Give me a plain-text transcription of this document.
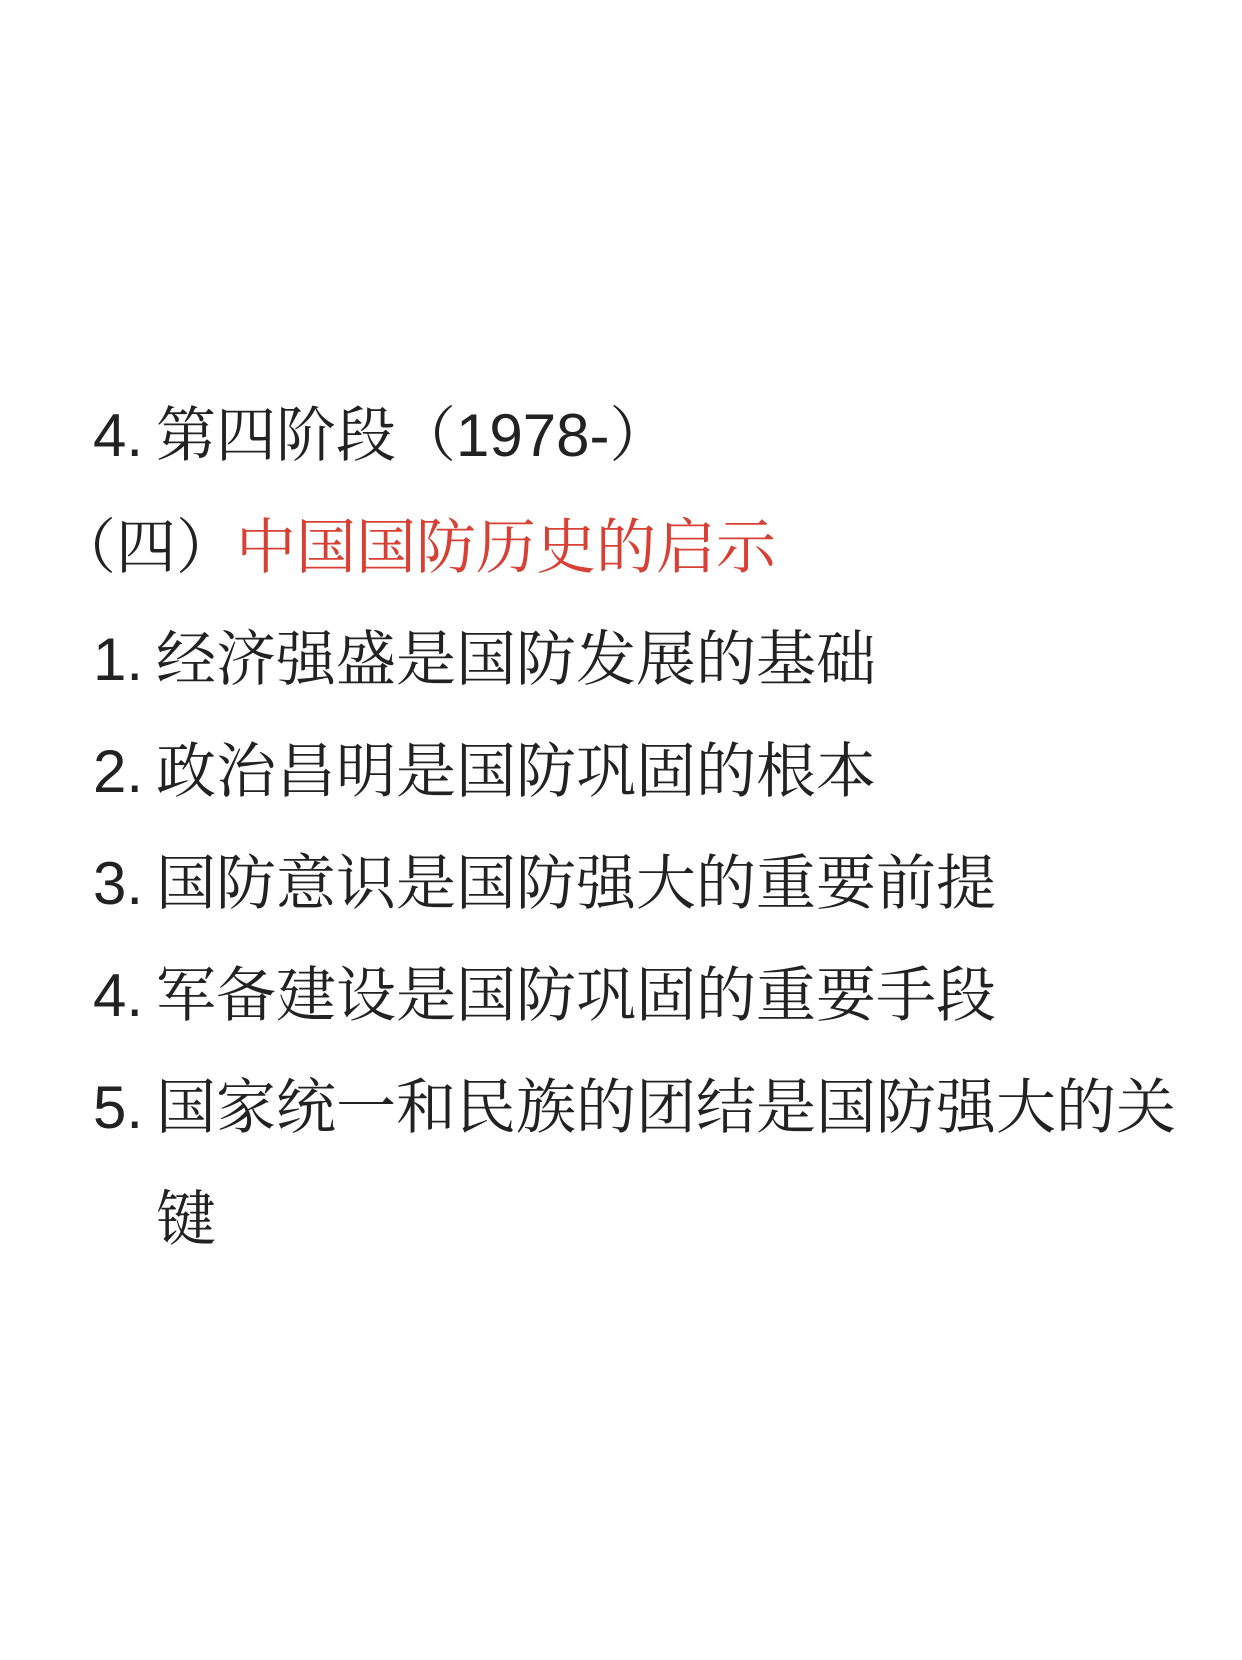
4. 第四阶段（1978-）
（四）中国国防历史的启示
1. 经济强盛是国防发展的基础
2. 政治昌明是国防巩固的根本
3. 国防意识是国防强大的重要前提
4. 军备建设是国防巩固的重要手段
5. 国家统一和民族的团结是国防强大的关键
